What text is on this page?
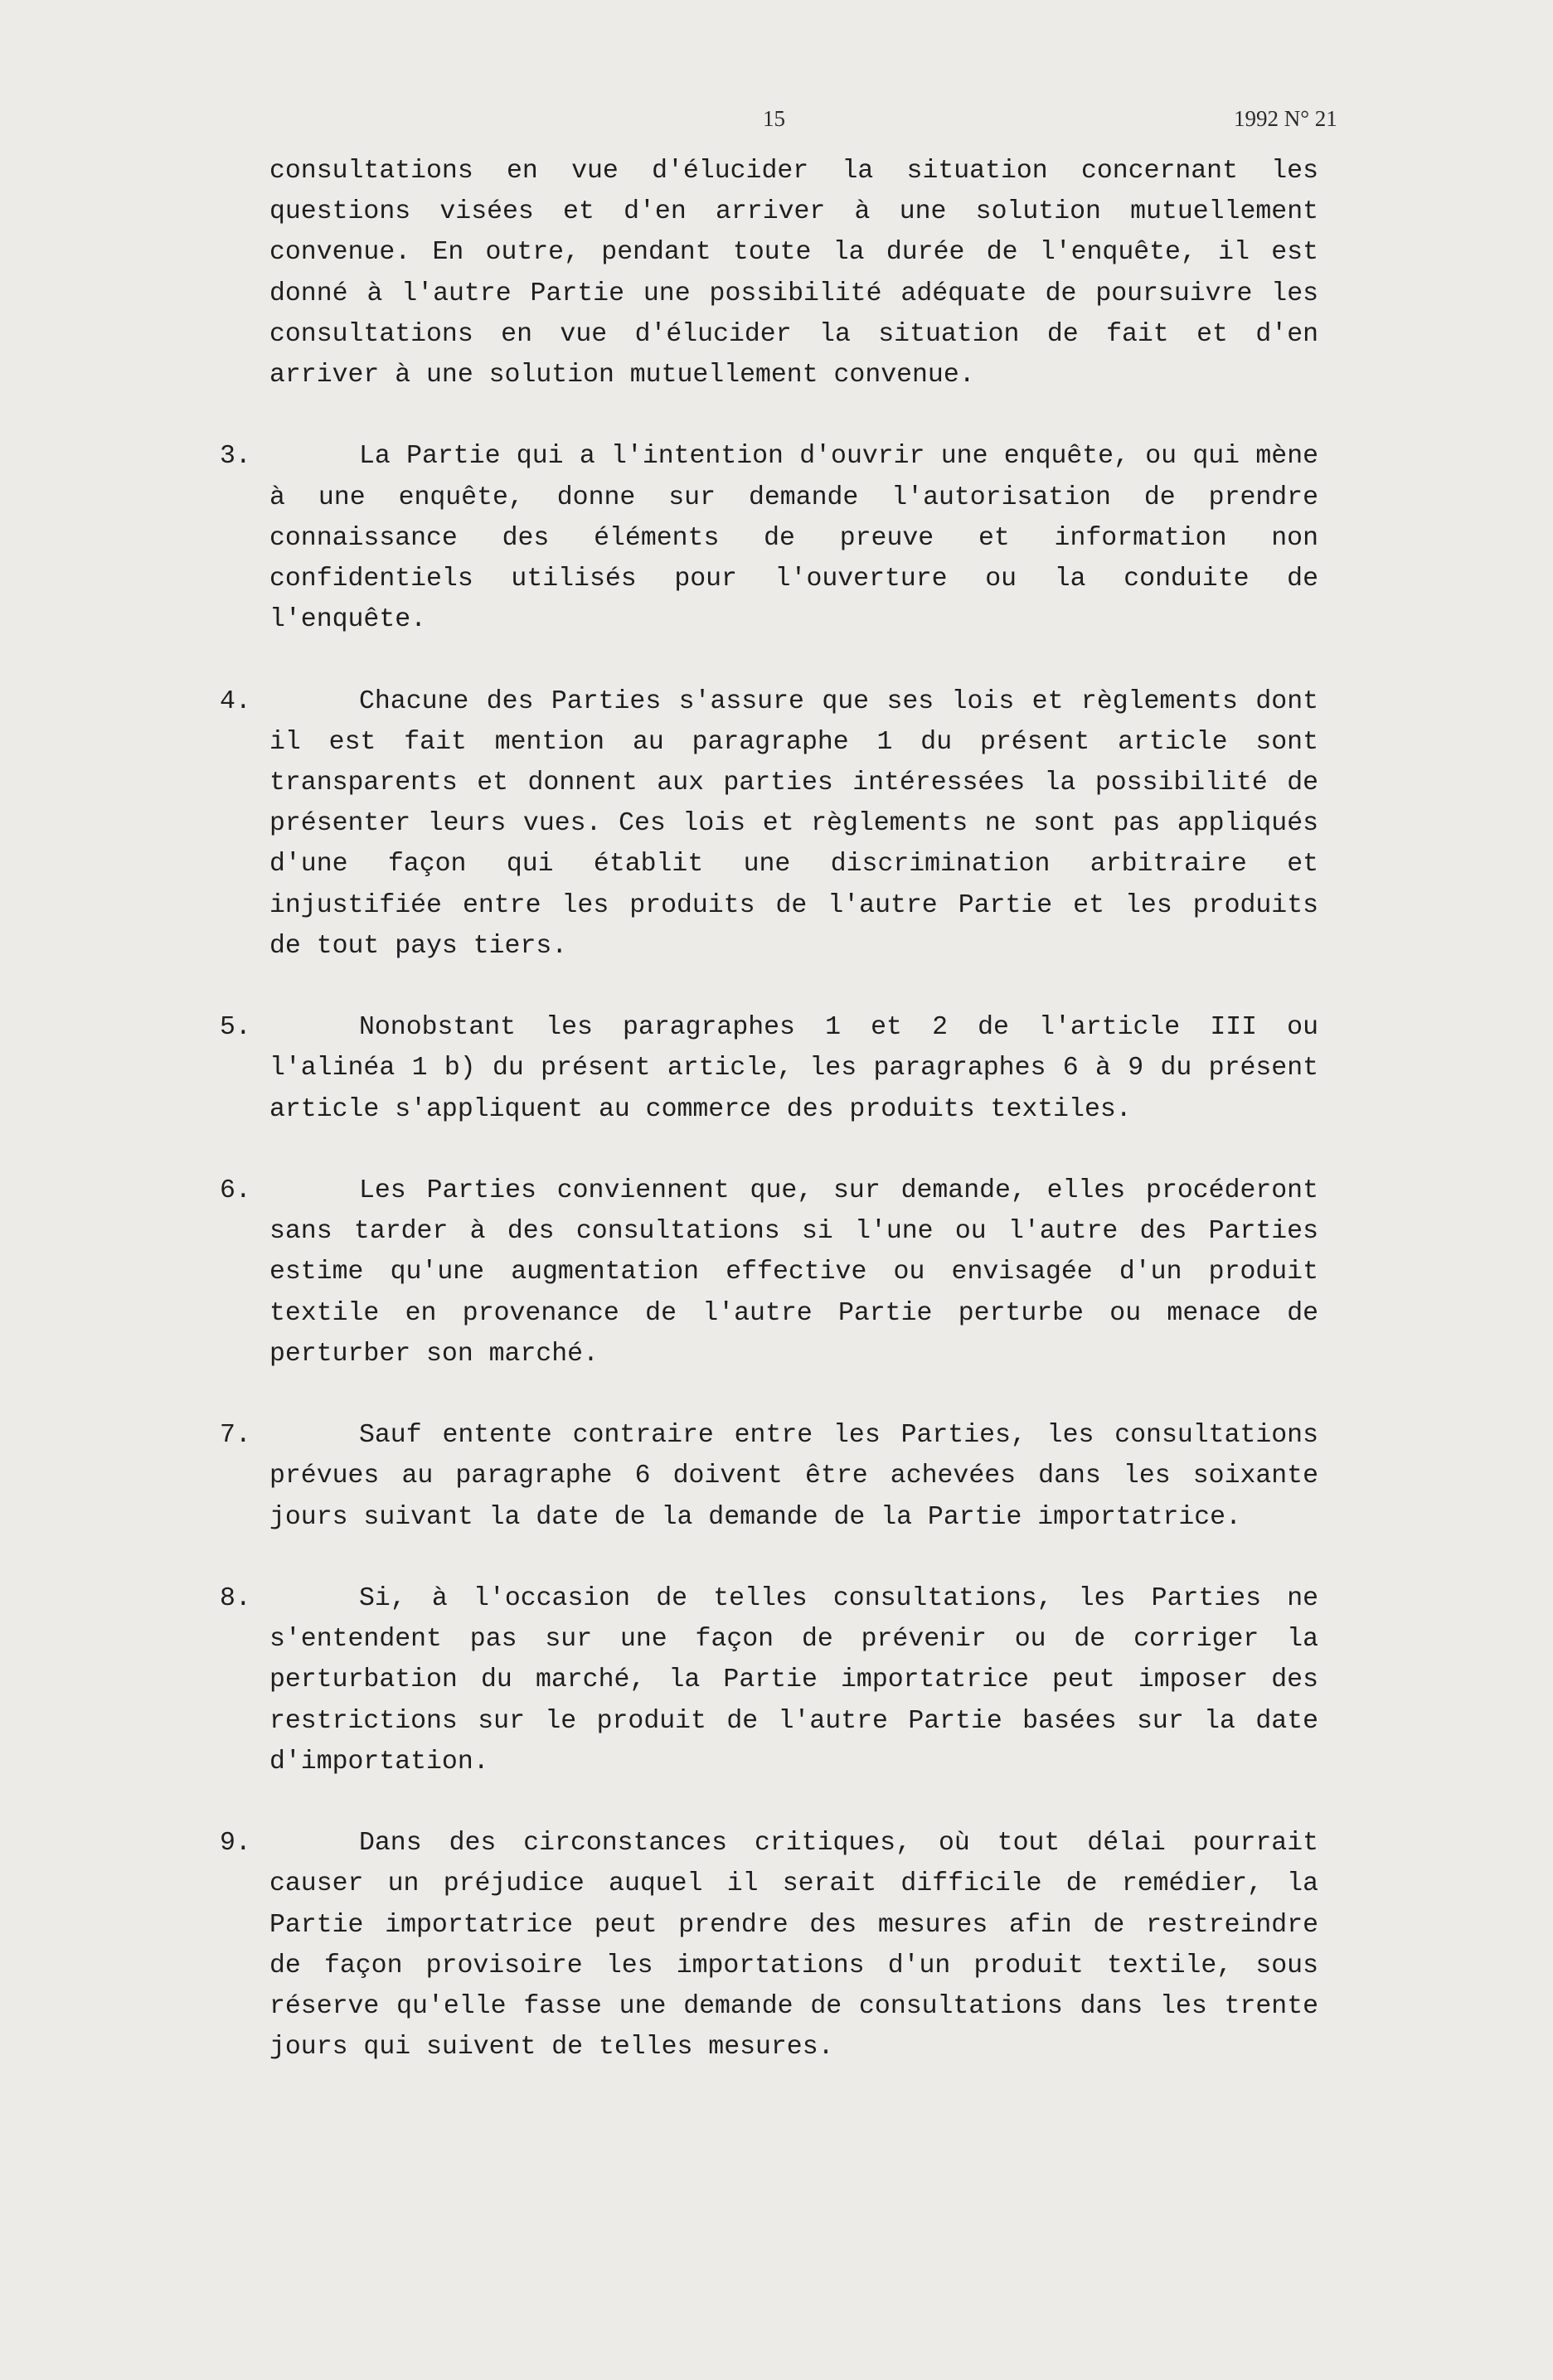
15	1992 N° 21

consultations en vue d'élucider la situation concernant les questions visées et d'en arriver à une solution mutuellement convenue. En outre, pendant toute la durée de l'enquête, il est donné à l'autre Partie une possibilité adéquate de poursuivre les consultations en vue d'élucider la situation de fait et d'en arriver à une solution mutuellement convenue.

3.	La Partie qui a l'intention d'ouvrir une enquête, ou qui mène à une enquête, donne sur demande l'autorisation de prendre connaissance des éléments de preuve et information non confidentiels utilisés pour l'ouverture ou la conduite de l'enquête.
4.	Chacune des Parties s'assure que ses lois et règlements dont il est fait mention au paragraphe 1 du présent article sont transparents et donnent aux parties intéressées la possibilité de présenter leurs vues. Ces lois et règlements ne sont pas appliqués d'une façon qui établit une discrimination arbitraire et injustifiée entre les produits de l'autre Partie et les produits de tout pays tiers.
5.	Nonobstant les paragraphes 1 et 2 de l'article III ou l'alinéa 1 b) du présent article, les paragraphes 6 à 9 du présent article s'appliquent au commerce des produits textiles.
6.	Les Parties conviennent que, sur demande, elles procéderont sans tarder à des consultations si l'une ou l'autre des Parties estime qu'une augmentation effective ou envisagée d'un produit textile en provenance de l'autre Partie perturbe ou menace de perturber son marché.
7.	Sauf entente contraire entre les Parties, les consultations prévues au paragraphe 6 doivent être achevées dans les soixante jours suivant la date de la demande de la Partie importatrice.
8.	Si, à l'occasion de telles consultations, les Parties ne s'entendent pas sur une façon de prévenir ou de corriger la perturbation du marché, la Partie importatrice peut imposer des restrictions sur le produit de l'autre Partie basées sur la date d'importation.
9.	Dans des circonstances critiques, où tout délai pourrait causer un préjudice auquel il serait difficile de remédier, la Partie importatrice peut prendre des mesures afin de restreindre de façon provisoire les importations d'un produit textile, sous réserve qu'elle fasse une demande de consultations dans les trente jours qui suivent de telles mesures.
